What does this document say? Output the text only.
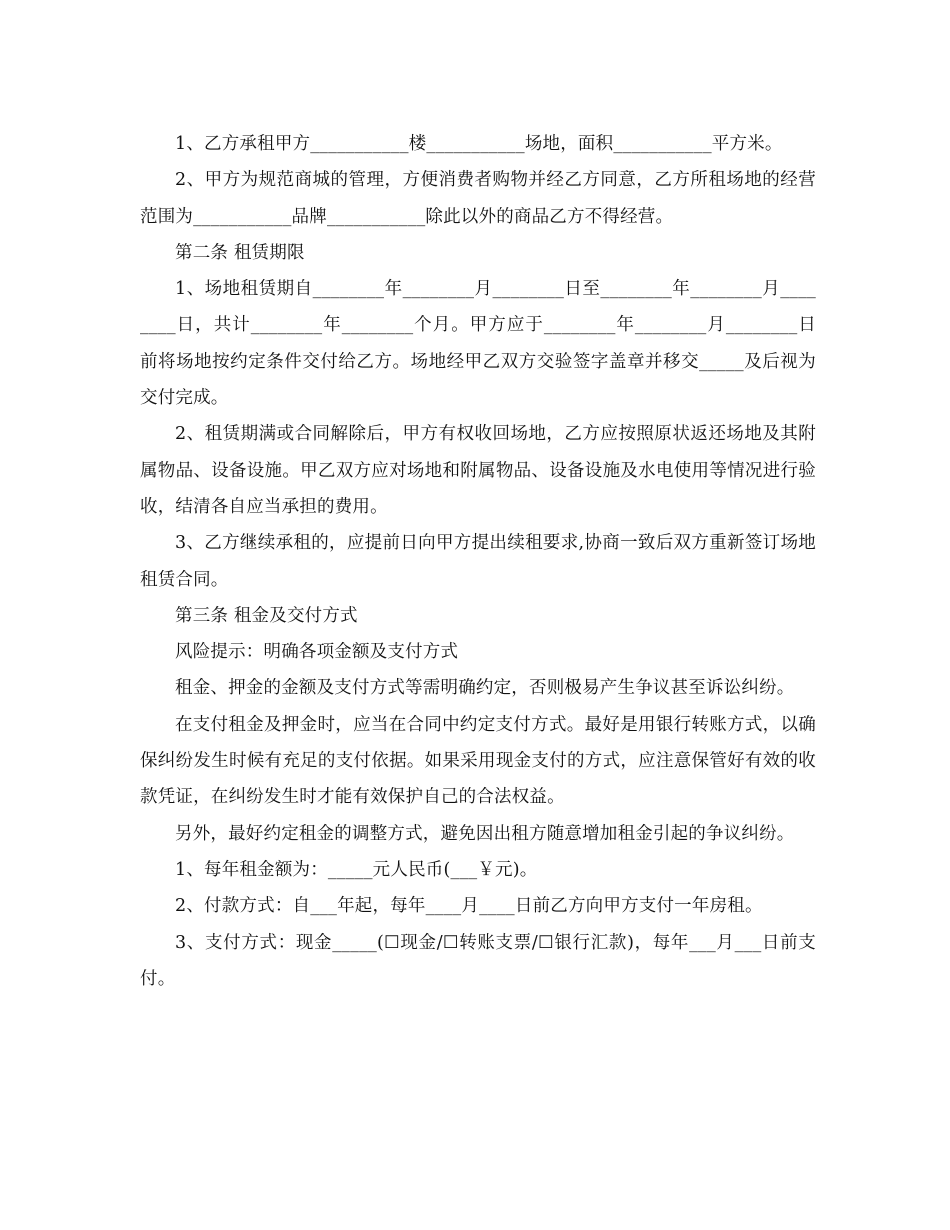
1、乙方承租甲方___________楼___________场地，面积___________平方米。

2、甲方为规范商城的管理，方便消费者购物并经乙方同意，乙方所租场地的经营范围为___________品牌___________除此以外的商品乙方不得经营。

第二条 租赁期限

1、场地租赁期自________年________月________日至________年________月________日，共计________年________个月。甲方应于________年________月________日前将场地按约定条件交付给乙方。场地经甲乙双方交验签字盖章并移交_____及后视为交付完成。

2、租赁期满或合同解除后，甲方有权收回场地，乙方应按照原状返还场地及其附属物品、设备设施。甲乙双方应对场地和附属物品、设备设施及水电使用等情况进行验收，结清各自应当承担的费用。

3、乙方继续承租的，应提前日向甲方提出续租要求,协商一致后双方重新签订场地租赁合同。

第三条 租金及交付方式

风险提示：明确各项金额及支付方式

租金、押金的金额及支付方式等需明确约定，否则极易产生争议甚至诉讼纠纷。

在支付租金及押金时，应当在合同中约定支付方式。最好是用银行转账方式，以确保纠纷发生时候有充足的支付依据。如果采用现金支付的方式，应注意保管好有效的收款凭证，在纠纷发生时才能有效保护自己的合法权益。

另外，最好约定租金的调整方式，避免因出租方随意增加租金引起的争议纠纷。

1、每年租金额为：_____元人民币(___￥元)。

2、付款方式：自___年起，每年____月____日前乙方向甲方支付一年房租。

3、支付方式：现金_____(☐现金/☐转账支票/☐银行汇款)，每年___月___日前支付。
